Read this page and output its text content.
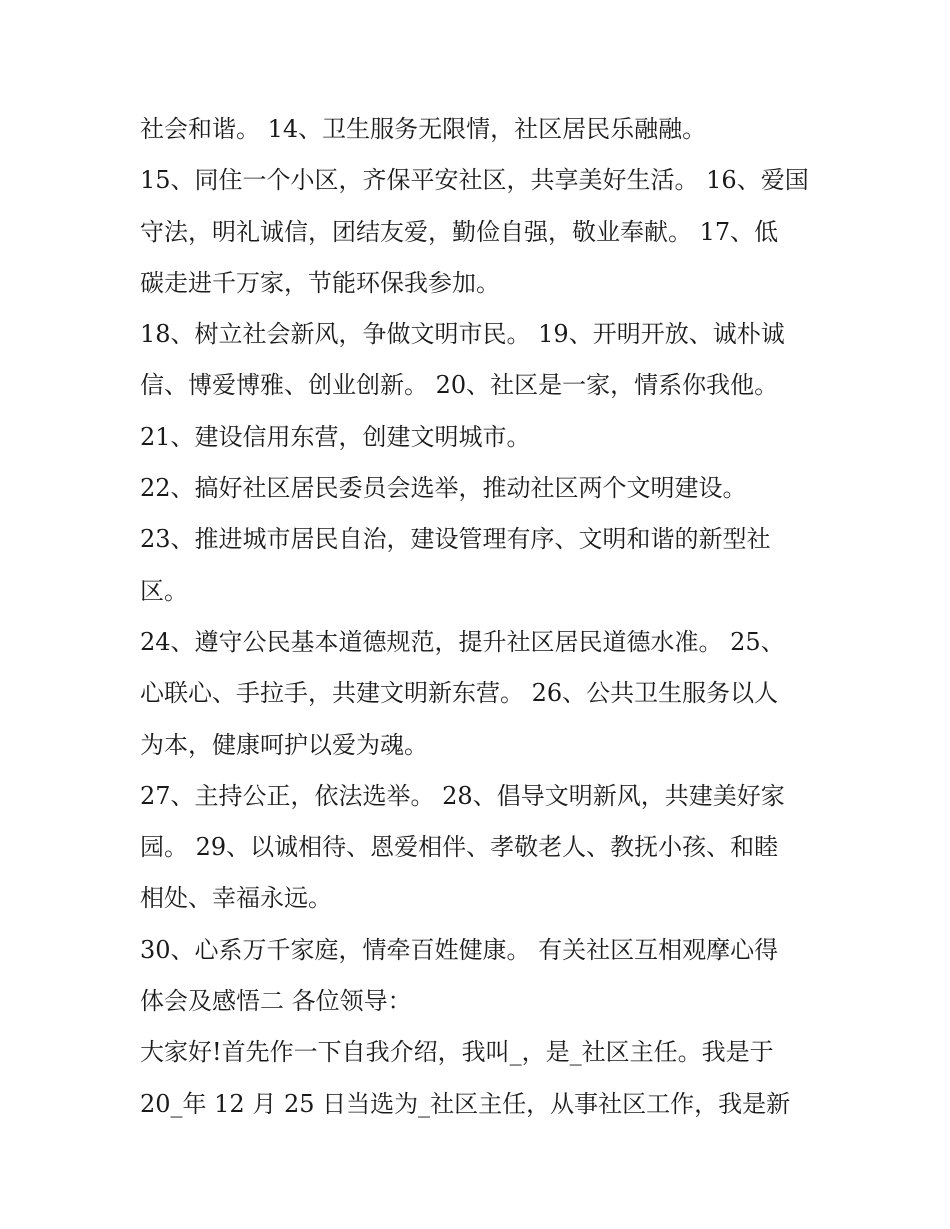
社会和谐。 14、卫生服务无限情，社区居民乐融融。
15、同住一个小区，齐保平安社区，共享美好生活。 16、爱国
守法，明礼诚信，团结友爱，勤俭自强，敬业奉献。 17、低
碳走进千万家，节能环保我参加。
18、树立社会新风，争做文明市民。 19、开明开放、诚朴诚
信、博爱博雅、创业创新。 20、社区是一家，情系你我他。
21、建设信用东营，创建文明城市。
22、搞好社区居民委员会选举，推动社区两个文明建设。
23、推进城市居民自治，建设管理有序、文明和谐的新型社
区。
24、遵守公民基本道德规范，提升社区居民道德水准。 25、
心联心、手拉手，共建文明新东营。 26、公共卫生服务以人
为本，健康呵护以爱为魂。
27、主持公正，依法选举。 28、倡导文明新风，共建美好家
园。 29、以诚相待、恩爱相伴、孝敬老人、教抚小孩、和睦
相处、幸福永远。
30、心系万千家庭，情牵百姓健康。 有关社区互相观摩心得
体会及感悟二 各位领导：
大家好!首先作一下自我介绍，我叫_，是_社区主任。我是于
20_年 12 月 25 日当选为_社区主任，从事社区工作，我是新
